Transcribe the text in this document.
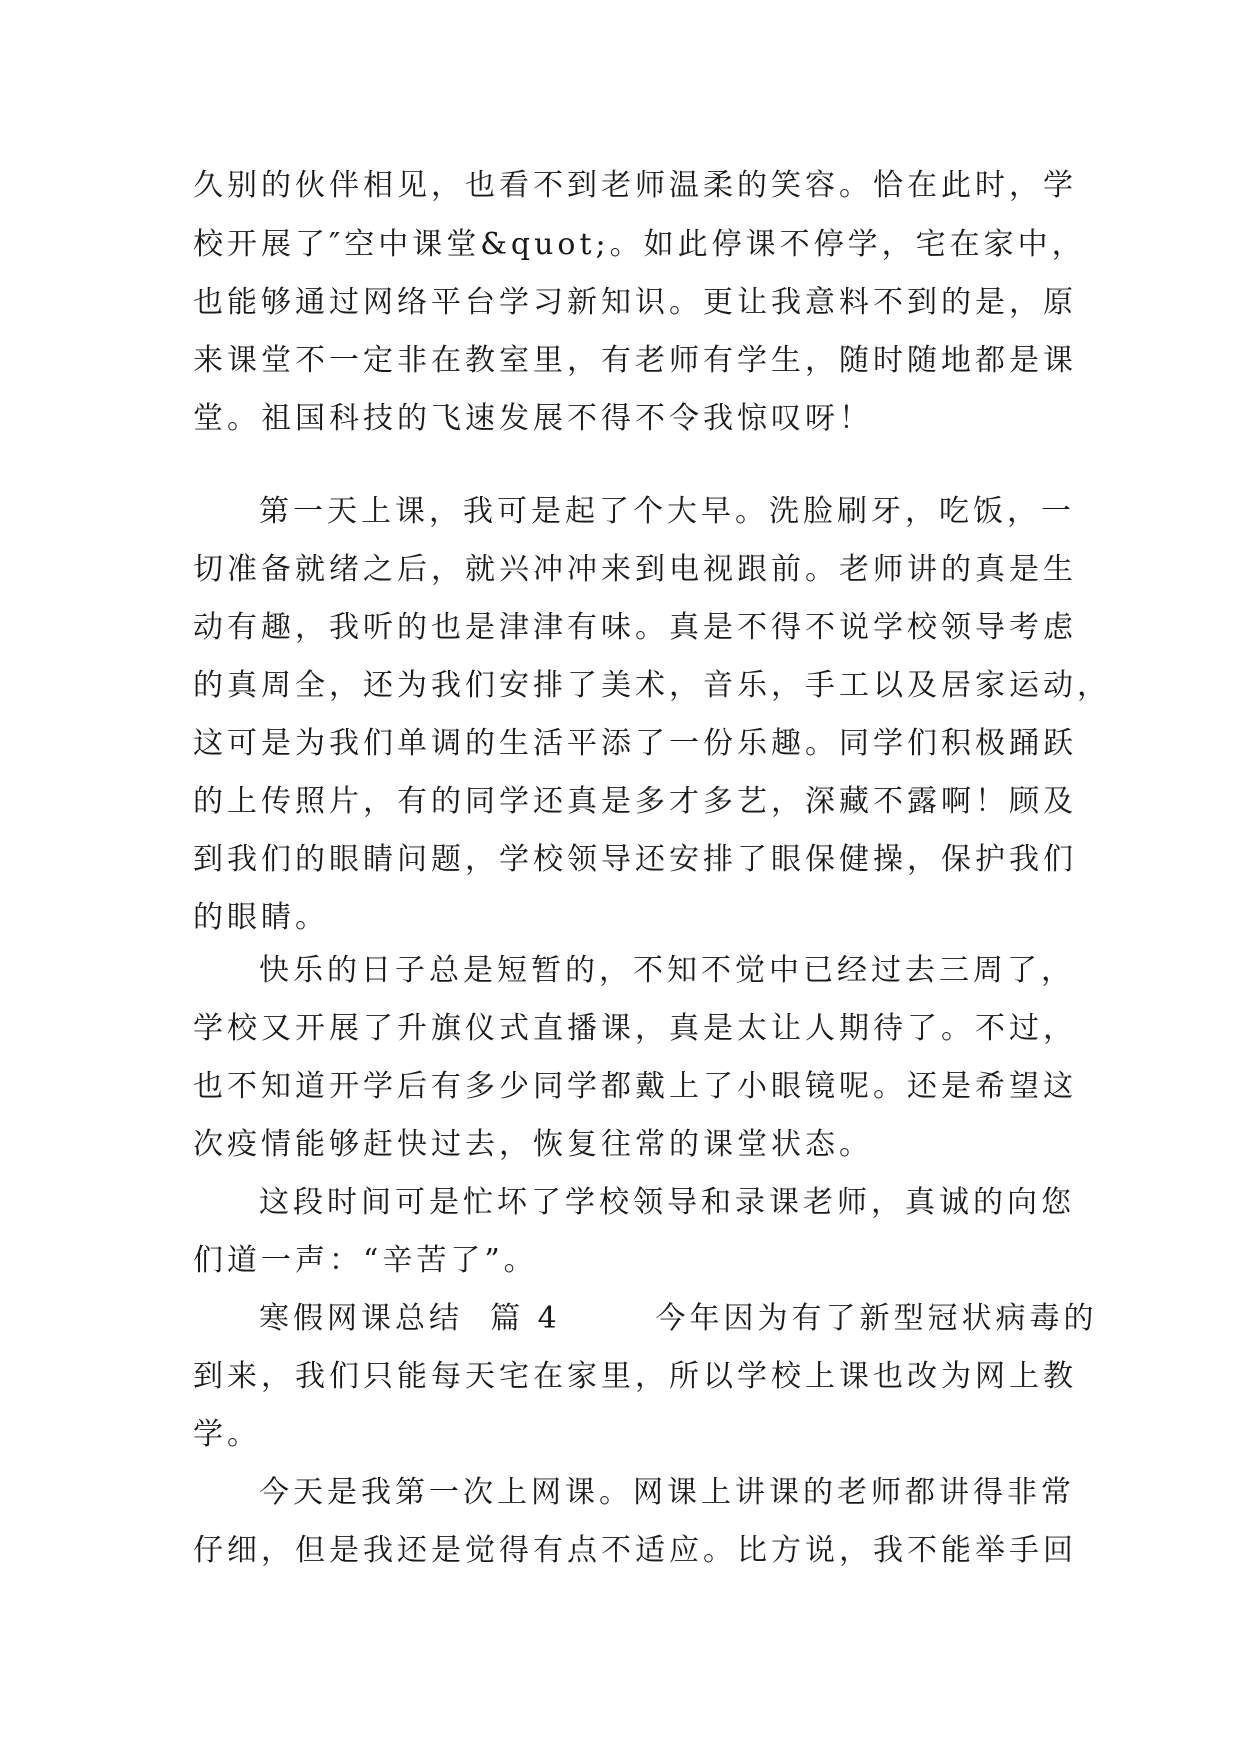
久别的伙伴相见，也看不到老师温柔的笑容。恰在此时，学
校开展了″空中课堂&quot;。如此停课不停学，宅在家中，
也能够通过网络平台学习新知识。更让我意料不到的是，原
来课堂不一定非在教室里，有老师有学生，随时随地都是课
堂。祖国科技的飞速发展不得不令我惊叹呀！
第一天上课，我可是起了个大早。洗脸刷牙，吃饭，一
切准备就绪之后，就兴冲冲来到电视跟前。老师讲的真是生
动有趣，我听的也是津津有味。真是不得不说学校领导考虑
的真周全，还为我们安排了美术，音乐，手工以及居家运动，
这可是为我们单调的生活平添了一份乐趣。同学们积极踊跃
的上传照片，有的同学还真是多才多艺，深藏不露啊！顾及
到我们的眼睛问题，学校领导还安排了眼保健操，保护我们
的眼睛。
快乐的日子总是短暂的，不知不觉中已经过去三周了，
学校又开展了升旗仪式直播课，真是太让人期待了。不过，
也不知道开学后有多少同学都戴上了小眼镜呢。还是希望这
次疫情能够赶快过去，恢复往常的课堂状态。
这段时间可是忙坏了学校领导和录课老师，真诚的向您
们道一声：“辛苦了”。
寒假网课总结  篇 4       今年因为有了新型冠状病毒的
到来，我们只能每天宅在家里，所以学校上课也改为网上教
学。
今天是我第一次上网课。网课上讲课的老师都讲得非常
仔细，但是我还是觉得有点不适应。比方说，我不能举手回
